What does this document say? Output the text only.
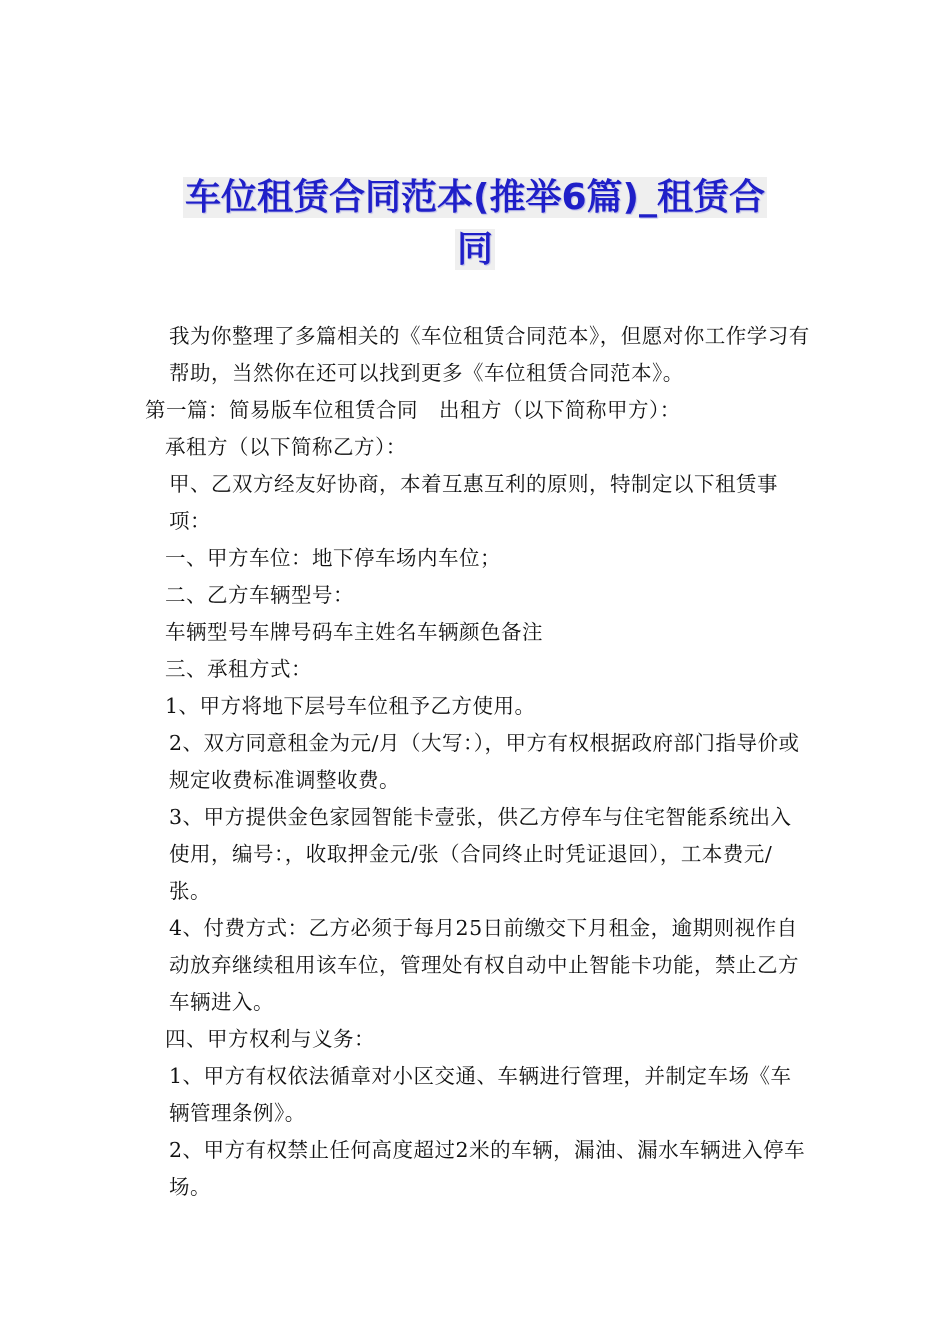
车位租赁合同范本(推举6篇)_租赁合
同

我为你整理了多篇相关的《车位租赁合同范本》，但愿对你工作学习有帮助，当然你在还可以找到更多《车位租赁合同范本》。

第一篇：简易版车位租赁合同　出租方（以下简称甲方）：

承租方（以下简称乙方）：

甲、乙双方经友好协商，本着互惠互利的原则，特制定以下租赁事项：

一、甲方车位：地下停车场内车位；

二、乙方车辆型号：

车辆型号车牌号码车主姓名车辆颜色备注

三、承租方式：

1、甲方将地下层号车位租予乙方使用。

2、双方同意租金为元/月（大写：），甲方有权根据政府部门指导价或规定收费标准调整收费。

3、甲方提供金色家园智能卡壹张，供乙方停车与住宅智能系统出入使用，编号：，收取押金元/张（合同终止时凭证退回），工本费元/张。

4、付费方式：乙方必须于每月25日前缴交下月租金，逾期则视作自动放弃继续租用该车位，管理处有权自动中止智能卡功能，禁止乙方车辆进入。

四、甲方权利与义务：

1、甲方有权依法循章对小区交通、车辆进行管理，并制定车场《车辆管理条例》。

2、甲方有权禁止任何高度超过2米的车辆，漏油、漏水车辆进入停车场。
